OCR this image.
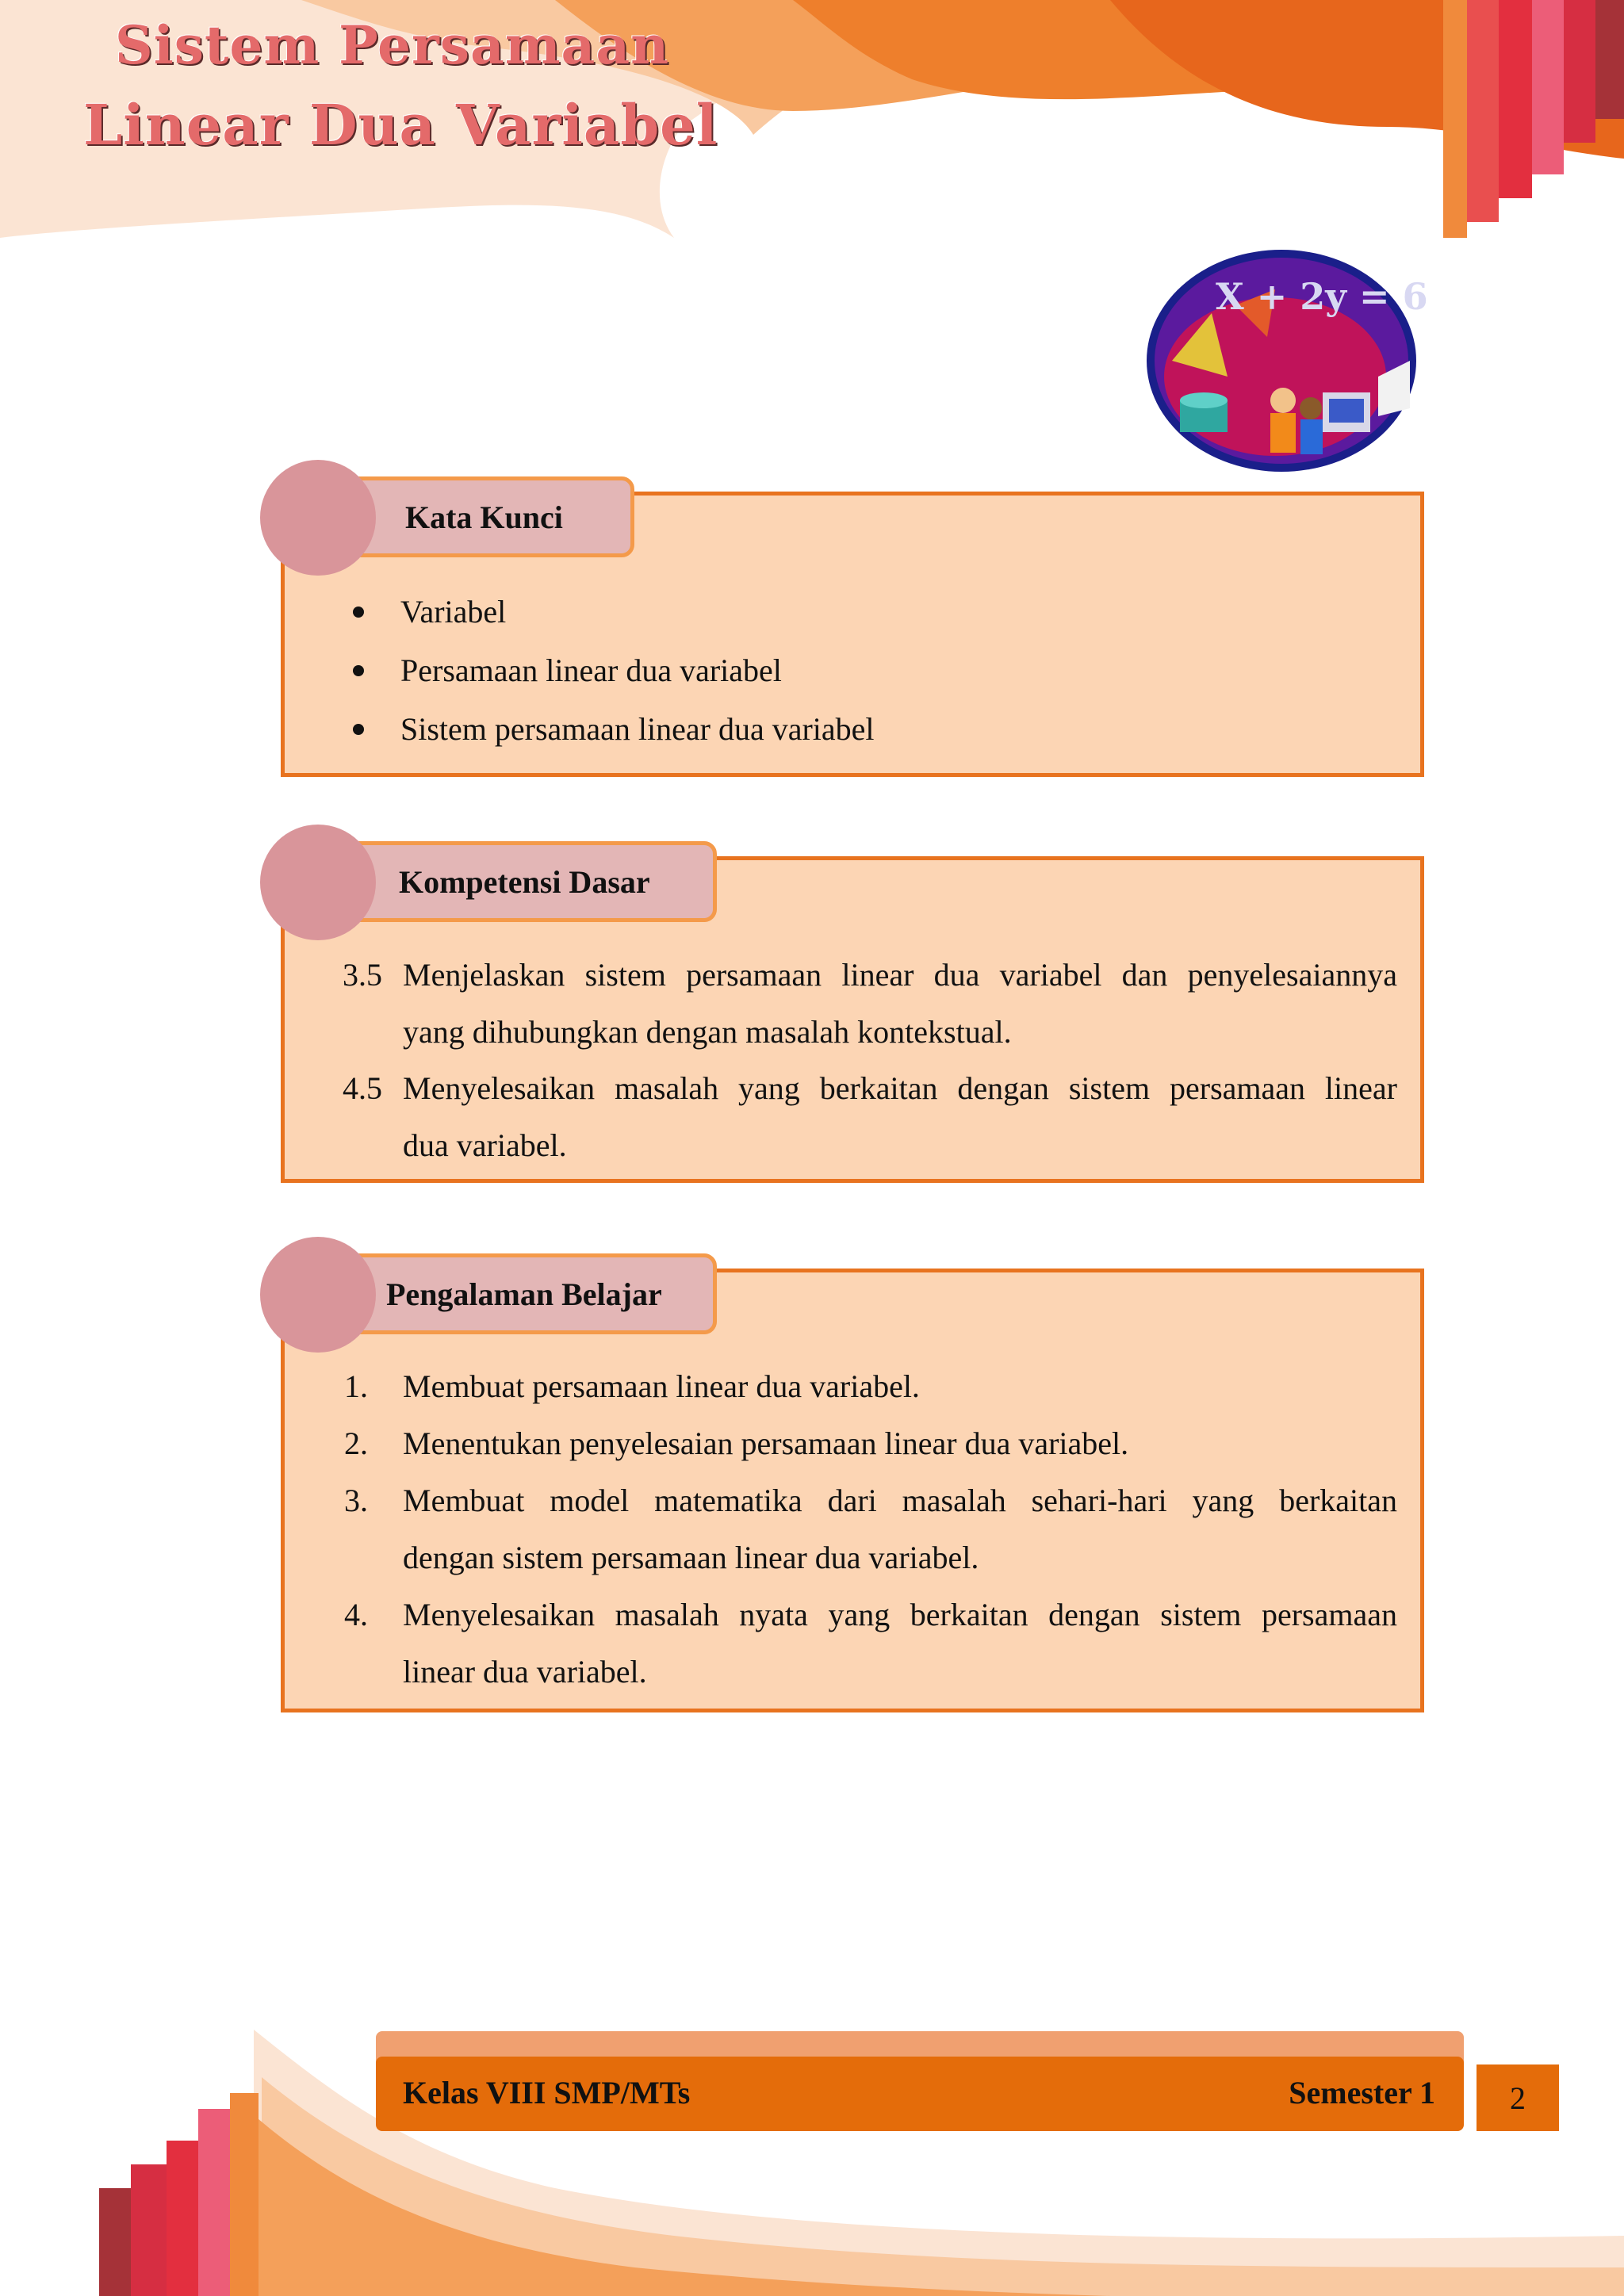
Sistem Persamaan
Linear Dua Variabel
X + 2y = 6
Kata Kunci
Variabel
Persamaan linear dua variabel
Sistem persamaan linear dua variabel
Kompetensi Dasar
3.5 Menjelaskan sistem persamaan linear dua variabel dan penyelesaiannya
yang dihubungkan dengan masalah kontekstual.
4.5 Menyelesaikan masalah yang berkaitan dengan sistem persamaan linear
dua variabel.
Pengalaman Belajar
1.	Membuat persamaan linear dua variabel.
2.	Menentukan penyelesaian persamaan linear dua variabel.
3.	Membuat model matematika dari masalah sehari-hari yang berkaitan
dengan sistem persamaan linear dua variabel.
4.	Menyelesaikan masalah nyata yang berkaitan dengan sistem persamaan
linear dua variabel.
Kelas VIII SMP/MTs	Semester 1	2
